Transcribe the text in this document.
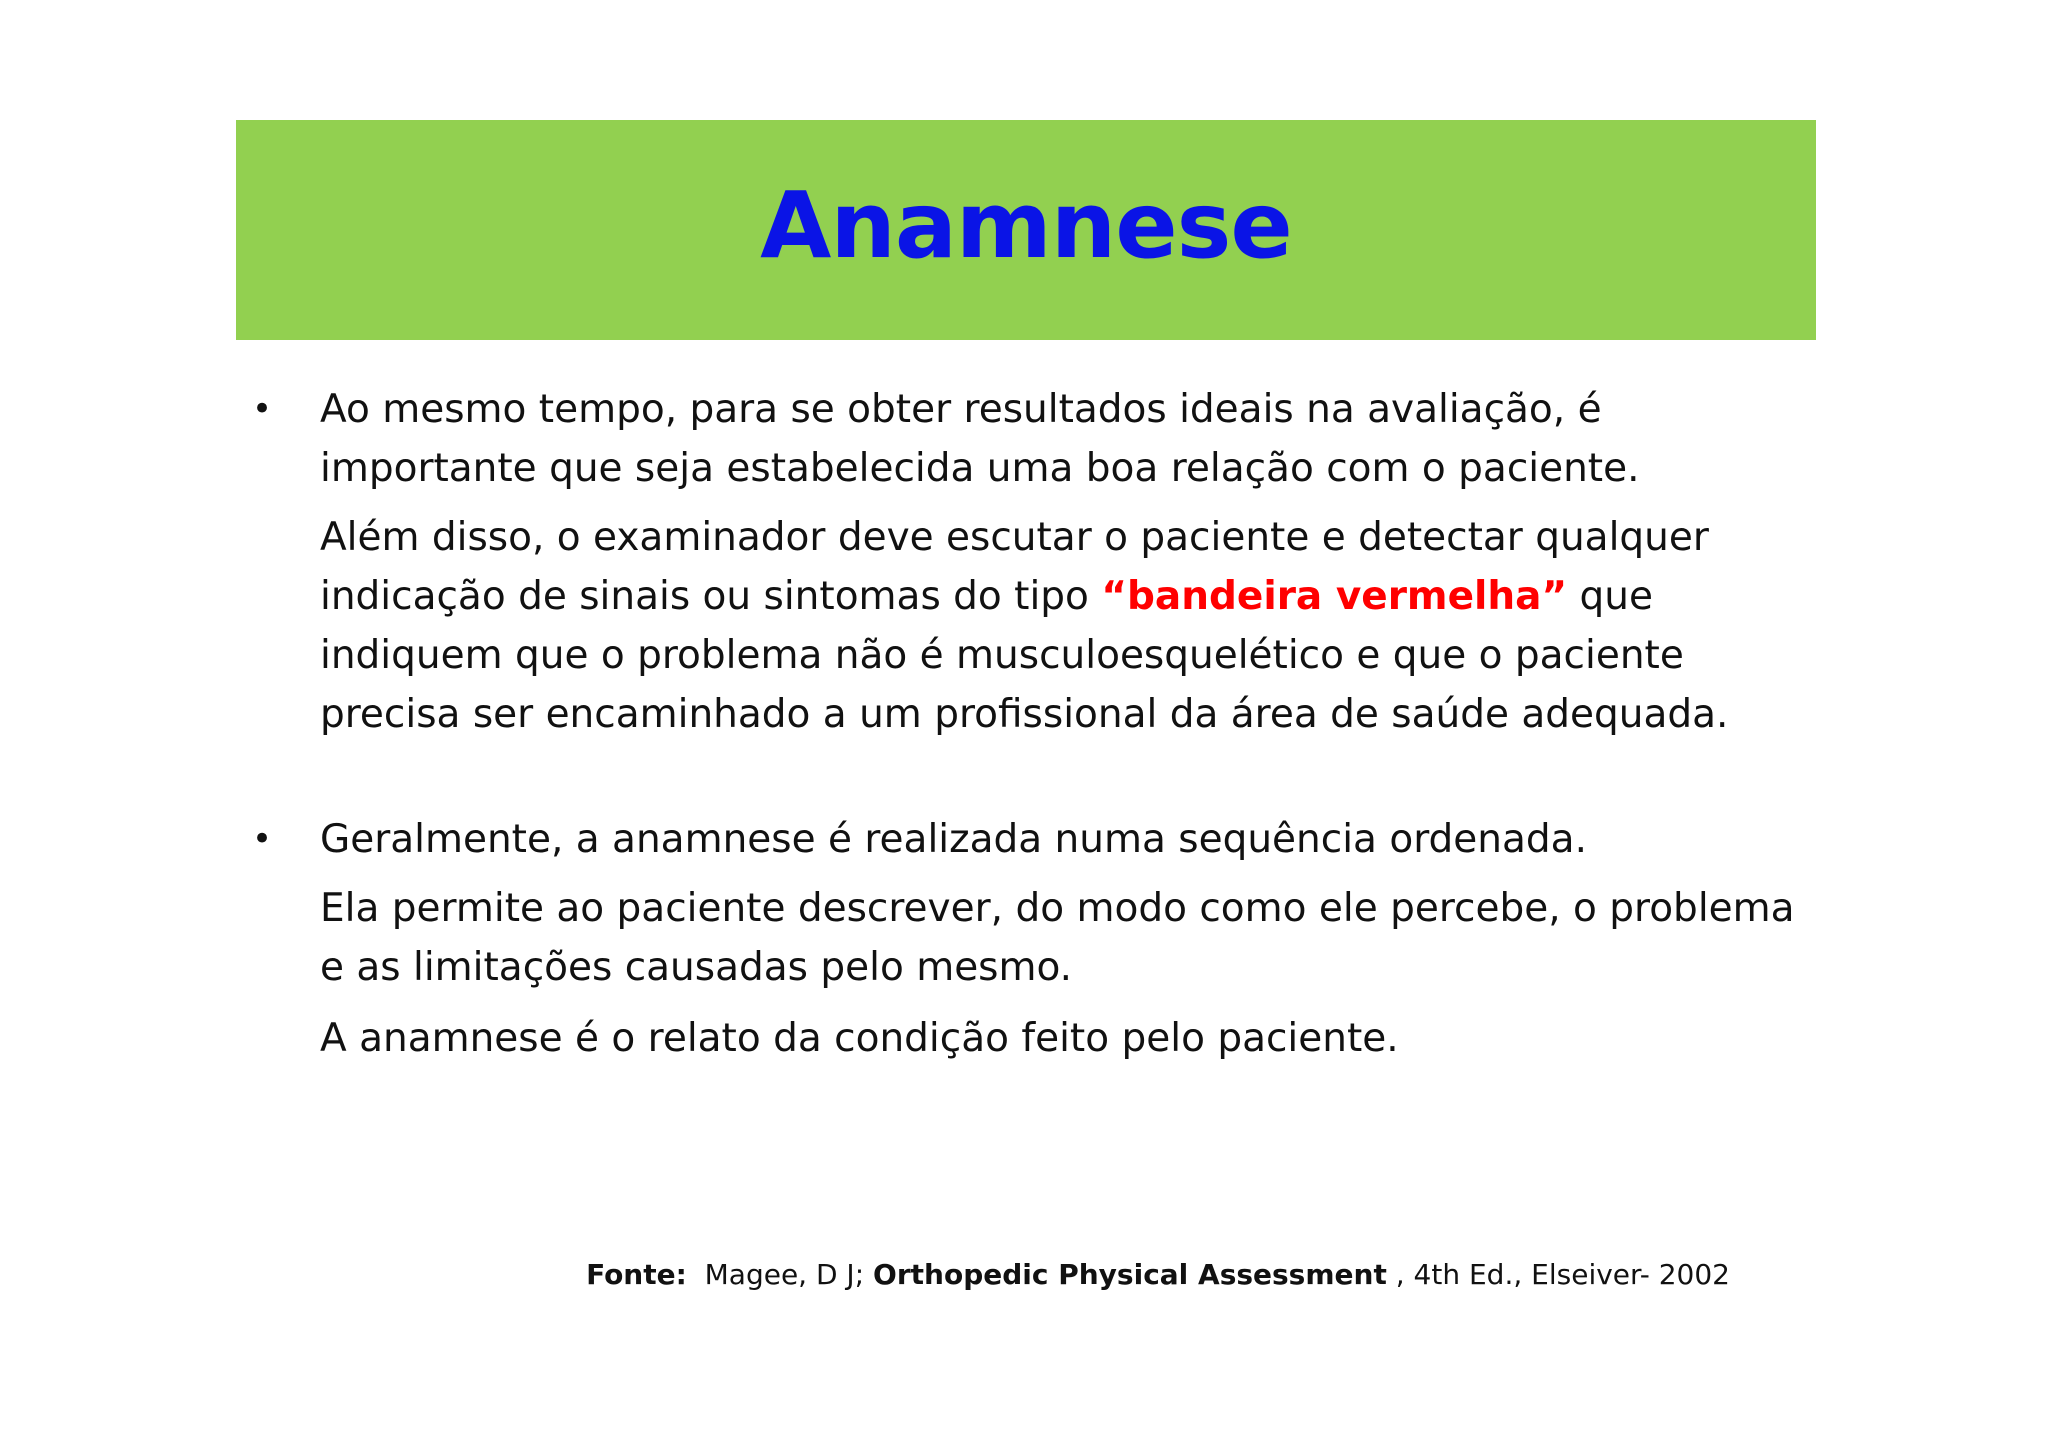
Anamnese
•	Ao mesmo tempo, para se obter resultados ideais na avaliação, é importante que seja estabelecida uma boa relação com o paciente.

Além disso, o examinador deve escutar o paciente e detectar qualquer indicação de sinais ou sintomas do tipo “bandeira vermelha” que indiquem que o problema não é musculoesquelético e que o paciente precisa ser encaminhado a um profissional da área de saúde adequada.

•	Geralmente, a anamnese é realizada numa sequência ordenada.

Ela permite ao paciente descrever, do modo como ele percebe, o problema e as limitações causadas pelo mesmo.

A anamnese é o relato da condição feito pelo paciente.

Fonte: Magee, D J; Orthopedic Physical Assessment , 4th Ed., Elseiver- 2002
